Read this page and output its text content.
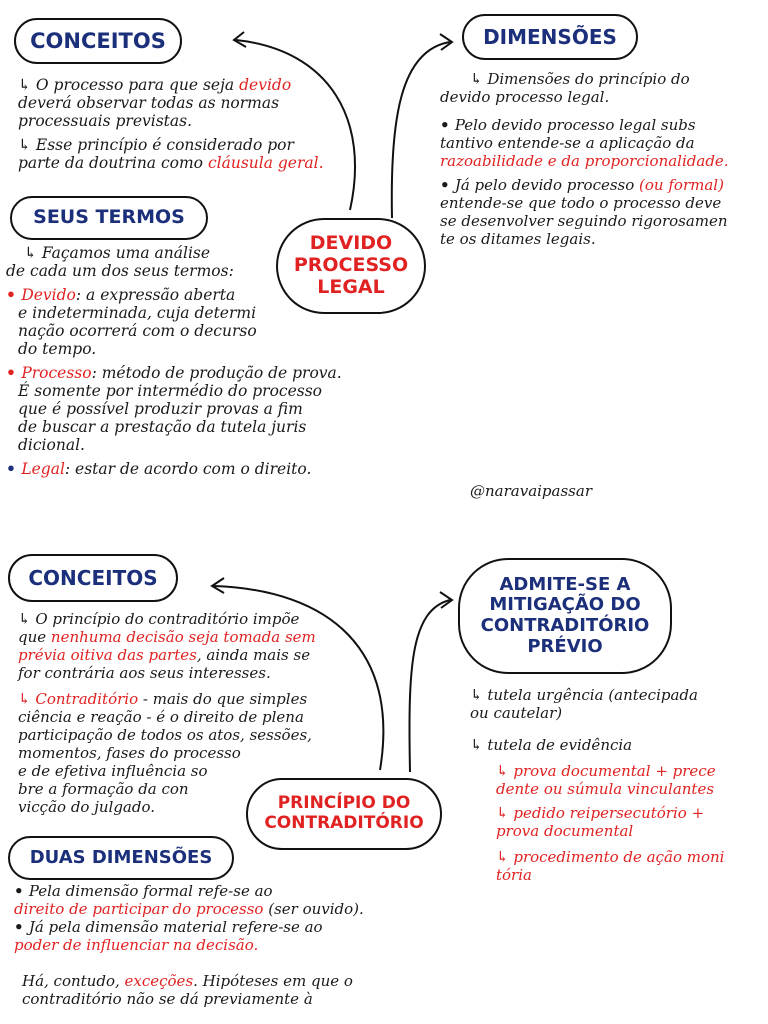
CONCEITOS

↳ O processo para que seja devido

deverá observar todas as normas

processuais previstas.

↳ Esse princípio é considerado por

parte da doutrina como cláusula geral.

SEUS TERMOS

↳ Façamos uma análise

de cada um dos seus termos:

• Devido: a expressão aberta

e indeterminada, cuja determi

nação ocorrerá com o decurso

do tempo.

• Processo: método de produção de prova.

É somente por intermédio do processo

que é possível produzir provas a fim

de buscar a prestação da tutela juris

dicional.

• Legal: estar de acordo com o direito.

DEVIDO PROCESSO LEGAL
DIMENSÕES

↳ Dimensões do princípio do

devido processo legal.

• Pelo devido processo legal subs

tantivo entende-se a aplicação da

razoabilidade e da proporcionalidade.

• Já pelo devido processo (ou formal)

entende-se que todo o processo deve

se desenvolver seguindo rigorosamen

te os ditames legais.

@naravaipassar
CONCEITOS

↳ O princípio do contraditório impõe

que nenhuma decisão seja tomada sem

prévia oitiva das partes, ainda mais se

for contrária aos seus interesses.

↳ Contraditório - mais do que simples

ciência e reação - é o direito de plena

participação de todos os atos, sessões,

momentos, fases do processo

e de efetiva influência so

bre a formação da con

vicção do julgado.	PRINCÍPIO DO CONTRADITÓRIO
DUAS DIMENSÕES

• Pela dimensão formal refe-se ao

direito de participar do processo (ser ouvido).

• Já pela dimensão material refere-se ao

poder de influenciar na decisão.

Há, contudo, exceções. Hipóteses em que o

contraditório não se dá previamente à

ADMITE-SE A MITIGAÇÃO DO CONTRADITÓRIO PRÉVIO

↳ tutela urgência (antecipada

ou cautelar)

↳ tutela de evidência

↳ prova documental + prece

dente ou súmula vinculantes

↳ pedido reipersecutório +

prova documental

↳ procedimento de ação moni

tória
